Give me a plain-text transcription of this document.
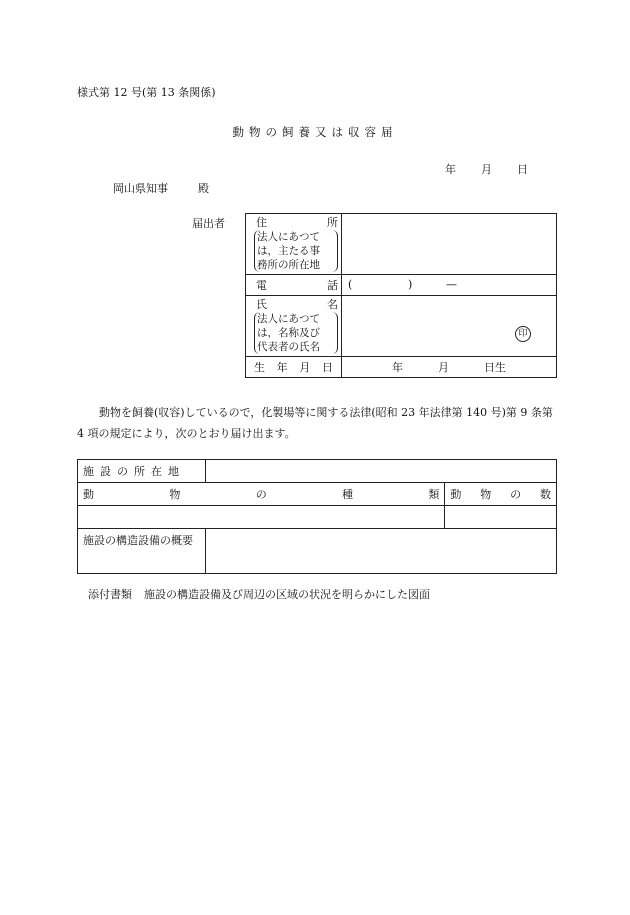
様式第 12 号(第 13 条関係)
動物の飼養又は収容届
年 月 日
岡山県知事	殿
届出者	住 所
法人にあつて
は，主たる事
務所の所在地	

電 話	( ) —

氏 名
法人にあつて
は，名称及び
代表者の氏名	印

生 年 月 日	年 月 日生

動物を飼養(収容)しているので，化製場等に関する法律(昭和 23 年法律第 140 号)第 9 条第 4 項の規定により，次のとおり届け出ます。

施設の所在地		

動 物 の 種 類		動 物 の 数

施設の構造設備の概要		
添付書類 施設の構造設備及び周辺の区域の状況を明らかにした図面
